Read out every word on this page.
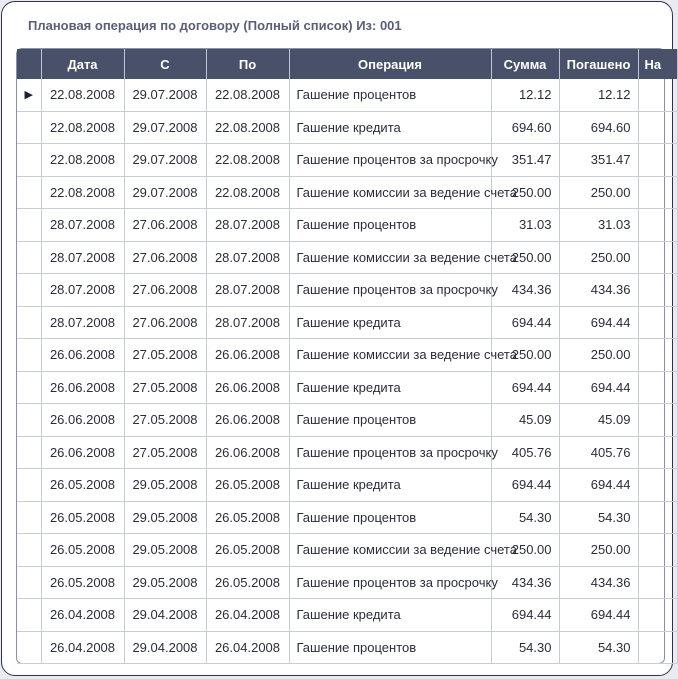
Плановая операция по договору (Полный список) Из: 001
	Дата	С	По	Операция	Сумма	Погашено	На
▶	22.08.2008	29.07.2008	22.08.2008	Гашение процентов	12.12	12.12	
	22.08.2008	29.07.2008	22.08.2008	Гашение кредита	694.60	694.60	
	22.08.2008	29.07.2008	22.08.2008	Гашение процентов за просрочку	351.47	351.47	
	22.08.2008	29.07.2008	22.08.2008	Гашение комиссии за ведение счета	250.00	250.00	
	28.07.2008	27.06.2008	28.07.2008	Гашение процентов	31.03	31.03	
	28.07.2008	27.06.2008	28.07.2008	Гашение комиссии за ведение счета	250.00	250.00	
	28.07.2008	27.06.2008	28.07.2008	Гашение процентов за просрочку	434.36	434.36	
	28.07.2008	27.06.2008	28.07.2008	Гашение кредита	694.44	694.44	
	26.06.2008	27.05.2008	26.06.2008	Гашение комиссии за ведение счета	250.00	250.00	
	26.06.2008	27.05.2008	26.06.2008	Гашение кредита	694.44	694.44	
	26.06.2008	27.05.2008	26.06.2008	Гашение процентов	45.09	45.09	
	26.06.2008	27.05.2008	26.06.2008	Гашение процентов за просрочку	405.76	405.76	
	26.05.2008	29.05.2008	26.05.2008	Гашение кредита	694.44	694.44	
	26.05.2008	29.05.2008	26.05.2008	Гашение процентов	54.30	54.30	
	26.05.2008	29.05.2008	26.05.2008	Гашение комиссии за ведение счета	250.00	250.00	
	26.05.2008	29.05.2008	26.05.2008	Гашение процентов за просрочку	434.36	434.36	
	26.04.2008	29.04.2008	26.04.2008	Гашение кредита	694.44	694.44	
	26.04.2008	29.04.2008	26.04.2008	Гашение процентов	54.30	54.30	
